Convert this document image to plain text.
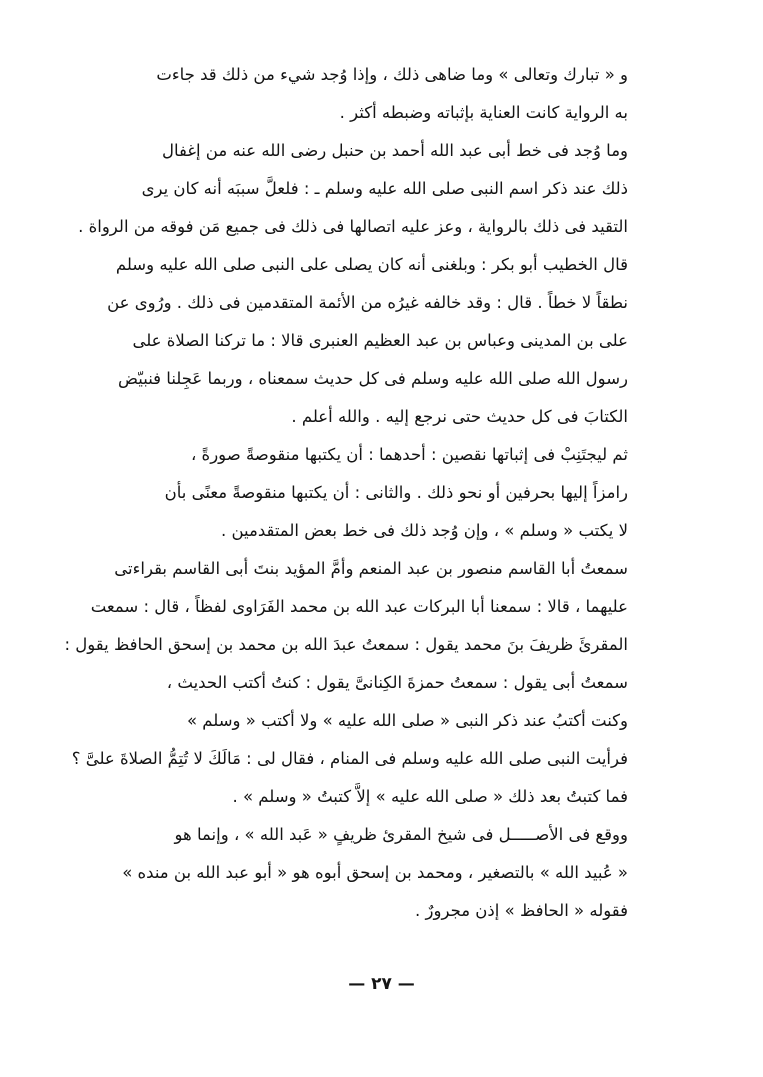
و « تبارك وتعالى » وما ضاهى ذلك ، وإذا وُجد شيء من ذلك قد جاءت
به الرواية كانت العناية بإثباته وضبطه أكثر .
وما وُجد فى خط أبى عبد الله أحمد بن حنبل رضى الله عنه من إغفال
ذلك عند ذكر اسم النبى صلى الله عليه وسلم ـ : فلعلَّ سببَه أنه كان يرى
التقيد فى ذلك بالرواية ، وعز عليه اتصالها فى ذلك فى جميع مَن فوقه من الرواة .
قال الخطيب أبو بكر : وبلغنى أنه كان يصلى على النبى صلى الله عليه وسلم
نطقاً لا خطاً . قال : وقد خالفه غيرُه من الأئمة المتقدمين فى ذلك . ورُوى عن
على بن المدينى وعباس بن عبد العظيم العنبرى قالا : ما تركنا الصلاة على
رسول الله صلى الله عليه وسلم فى كل حديث سمعناه ، وربما عَجِلنا فنبيّض
الكتابَ فى كل حديث حتى نرجع إليه . والله أعلم .
ثم ليجتَنِبْ فى إثباتها نقصين : أحدهما : أن يكتبها منقوصةً صورةً ،
رامزاً إليها بحرفين أو نحو ذلك . والثانى : أن يكتبها منقوصةً معنًى بأن
لا يكتب « وسلم » ، وإن وُجد ذلك فى خط بعض المتقدمين .
سمعتُ أبا القاسم منصور بن عبد المنعم وأمَّ المؤيد بنتَ أبى القاسم بقراءتى
عليهما ، قالا : سمعنا أبا البركات عبد الله بن محمد الفَرَاوى لفظاً ، قال : سمعت
المقرئَ ظريفَ بنَ محمد يقول : سمعتُ عبدَ الله بن محمد بن إسحق الحافظ يقول :
سمعتُ أبى يقول : سمعتُ حمزةَ الكِنانىَّ يقول : كنتُ أكتب الحديث ،
وكنت أكتبُ عند ذكر النبى « صلى الله عليه » ولا أكتب « وسلم »
فرأيت النبى صلى الله عليه وسلم فى المنام ، فقال لى : مَالَكَ لا تُتِمُّ الصلاةَ علىَّ ؟
فما كتبتُ بعد ذلك « صلى الله عليه » إلاَّ كتبتُ « وسلم » .
ووقع فى الأصـــــل فى شيخ المقرئ ظريفٍ « عَبد الله » ، وإنما هو
« عُبيد الله » بالتصغير ، ومحمد بن إسحق أبوه هو « أبو عبد الله بن منده »
فقوله « الحافظ » إذن مجرورٌ .
— ٢٧ —
